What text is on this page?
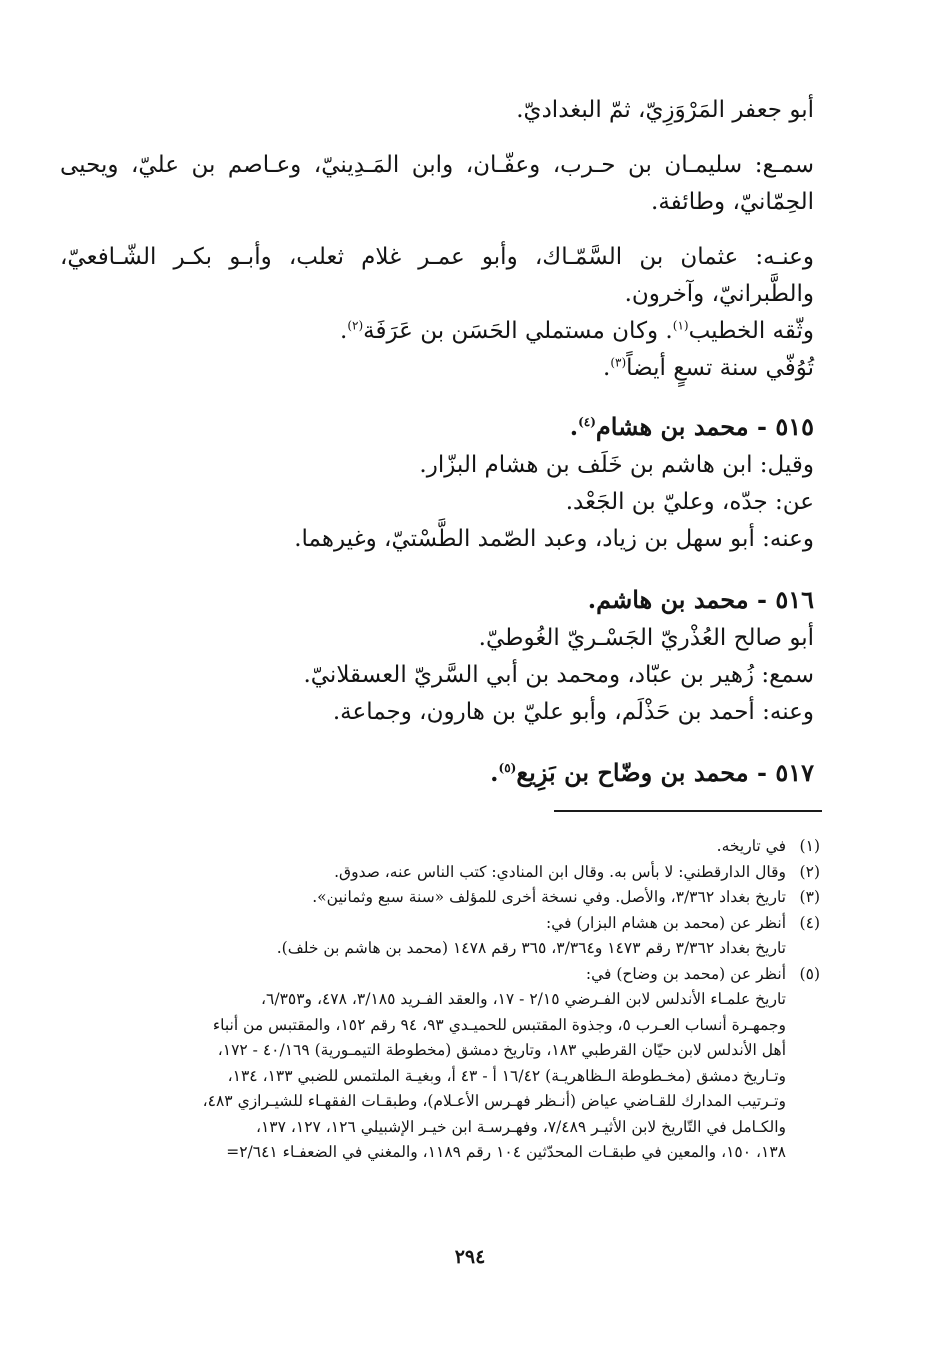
أبو جعفر المَرْوَزِيّ، ثمّ البغداديّ.

سمـع: سليمـان بن حـرب، وعفّـان، وابن المَـدِينيّ، وعـاصم بن عليّ، ويحيى الحِمّانيّ، وطائفة.

وعنـه: عثمان بن السَّمّـاك، وأبو عمـر غلام ثعلب، وأبـو بكـر الشّـافعيّ، والطَّبرانيّ، وآخرون.

وثّقه الخطيب$^{(١)}$. وكان مستملي الحَسَن بن عَرَفَة$^{(٢)}$.

تُوُفّي سنة تسعٍ أيضاً$^{(٣)}$.

٥١٥ - محمد بن هشام$^{(٤)}$.

وقيل: ابن هاشم بن خَلَف بن هشام البزّار.

عن: جدّه، وعليّ بن الجَعْد.

وعنه: أبو سهل بن زياد، وعبد الصّمد الطَّسْتيّ، وغيرهما.

٥١٦ - محمد بن هاشم.

أبو صالح العُذْريّ الجَسْـريّ الغُوطيّ.

سمع: زُهير بن عبّاد، ومحمد بن أبي السَّريّ العسقلانيّ.

وعنه: أحمد بن حَذْلَم، وأبو عليّ بن هارون، وجماعة.

٥١٧ - محمد بن وضّاح بن بَزِيع$^{(٥)}$.
(١)
في تاريخه.
(٢)
وقال الدارقطني: لا بأس به. وقال ابن المنادي: كتب الناس عنه، صدوق.
(٣)
تاريخ بغداد ٣/٣٦٢، والأصل. وفي نسخة أخرى للمؤلف «سنة سبع وثمانين».
(٤)
أنظر عن (محمد بن هشام البزار) في:
تاريخ بغداد ٣/٣٦٢ رقم ١٤٧٣ و٣/٣٦٤، ٣٦٥ رقم ١٤٧٨ (محمد بن هاشم بن خلف).
(٥)
أنظر عن (محمد بن وضاح) في:
تاريخ علمـاء الأندلس لابن الفـرضي ٢/١٥ - ١٧، والعقد الفـريد ٣/١٨٥، ٤٧٨، و٦/٣٥٣،
وجمهـرة أنساب العـرب ٥، وجذوة المقتبس للحميـدي ٩٣، ٩٤ رقم ١٥٢، والمقتبس من أنباء
أهل الأندلس لابن حيّان القرطبي ١٨٣، وتاريخ دمشق (مخطوطة التيمـورية) ٤٠/١٦٩ - ١٧٢،
وتـاريخ دمشق (مخـطوطة الـظاهريـة) ١٦/٤٢ أ - ٤٣ أ، وبغيـة الملتمس للضبي ١٣٣، ١٣٤،
وتـرتيب المدارك للقـاضي عياض (أنـظر فهـرس الأعـلام)، وطبقـات الفقهـاء للشيـرازي ٤٨٣،
والكـامل في التّاريخ لابن الأثيـر ٧/٤٨٩، وفهـرسـة ابن خيـر الإشبيلي ١٢٦، ١٢٧، ١٣٧،
١٣٨، ١٥٠، والمعين في طبقـات المحدّثين ١٠٤ رقم ١١٨٩، والمغني في الضعفـاء ٢/٦٤١=
٢٩٤
